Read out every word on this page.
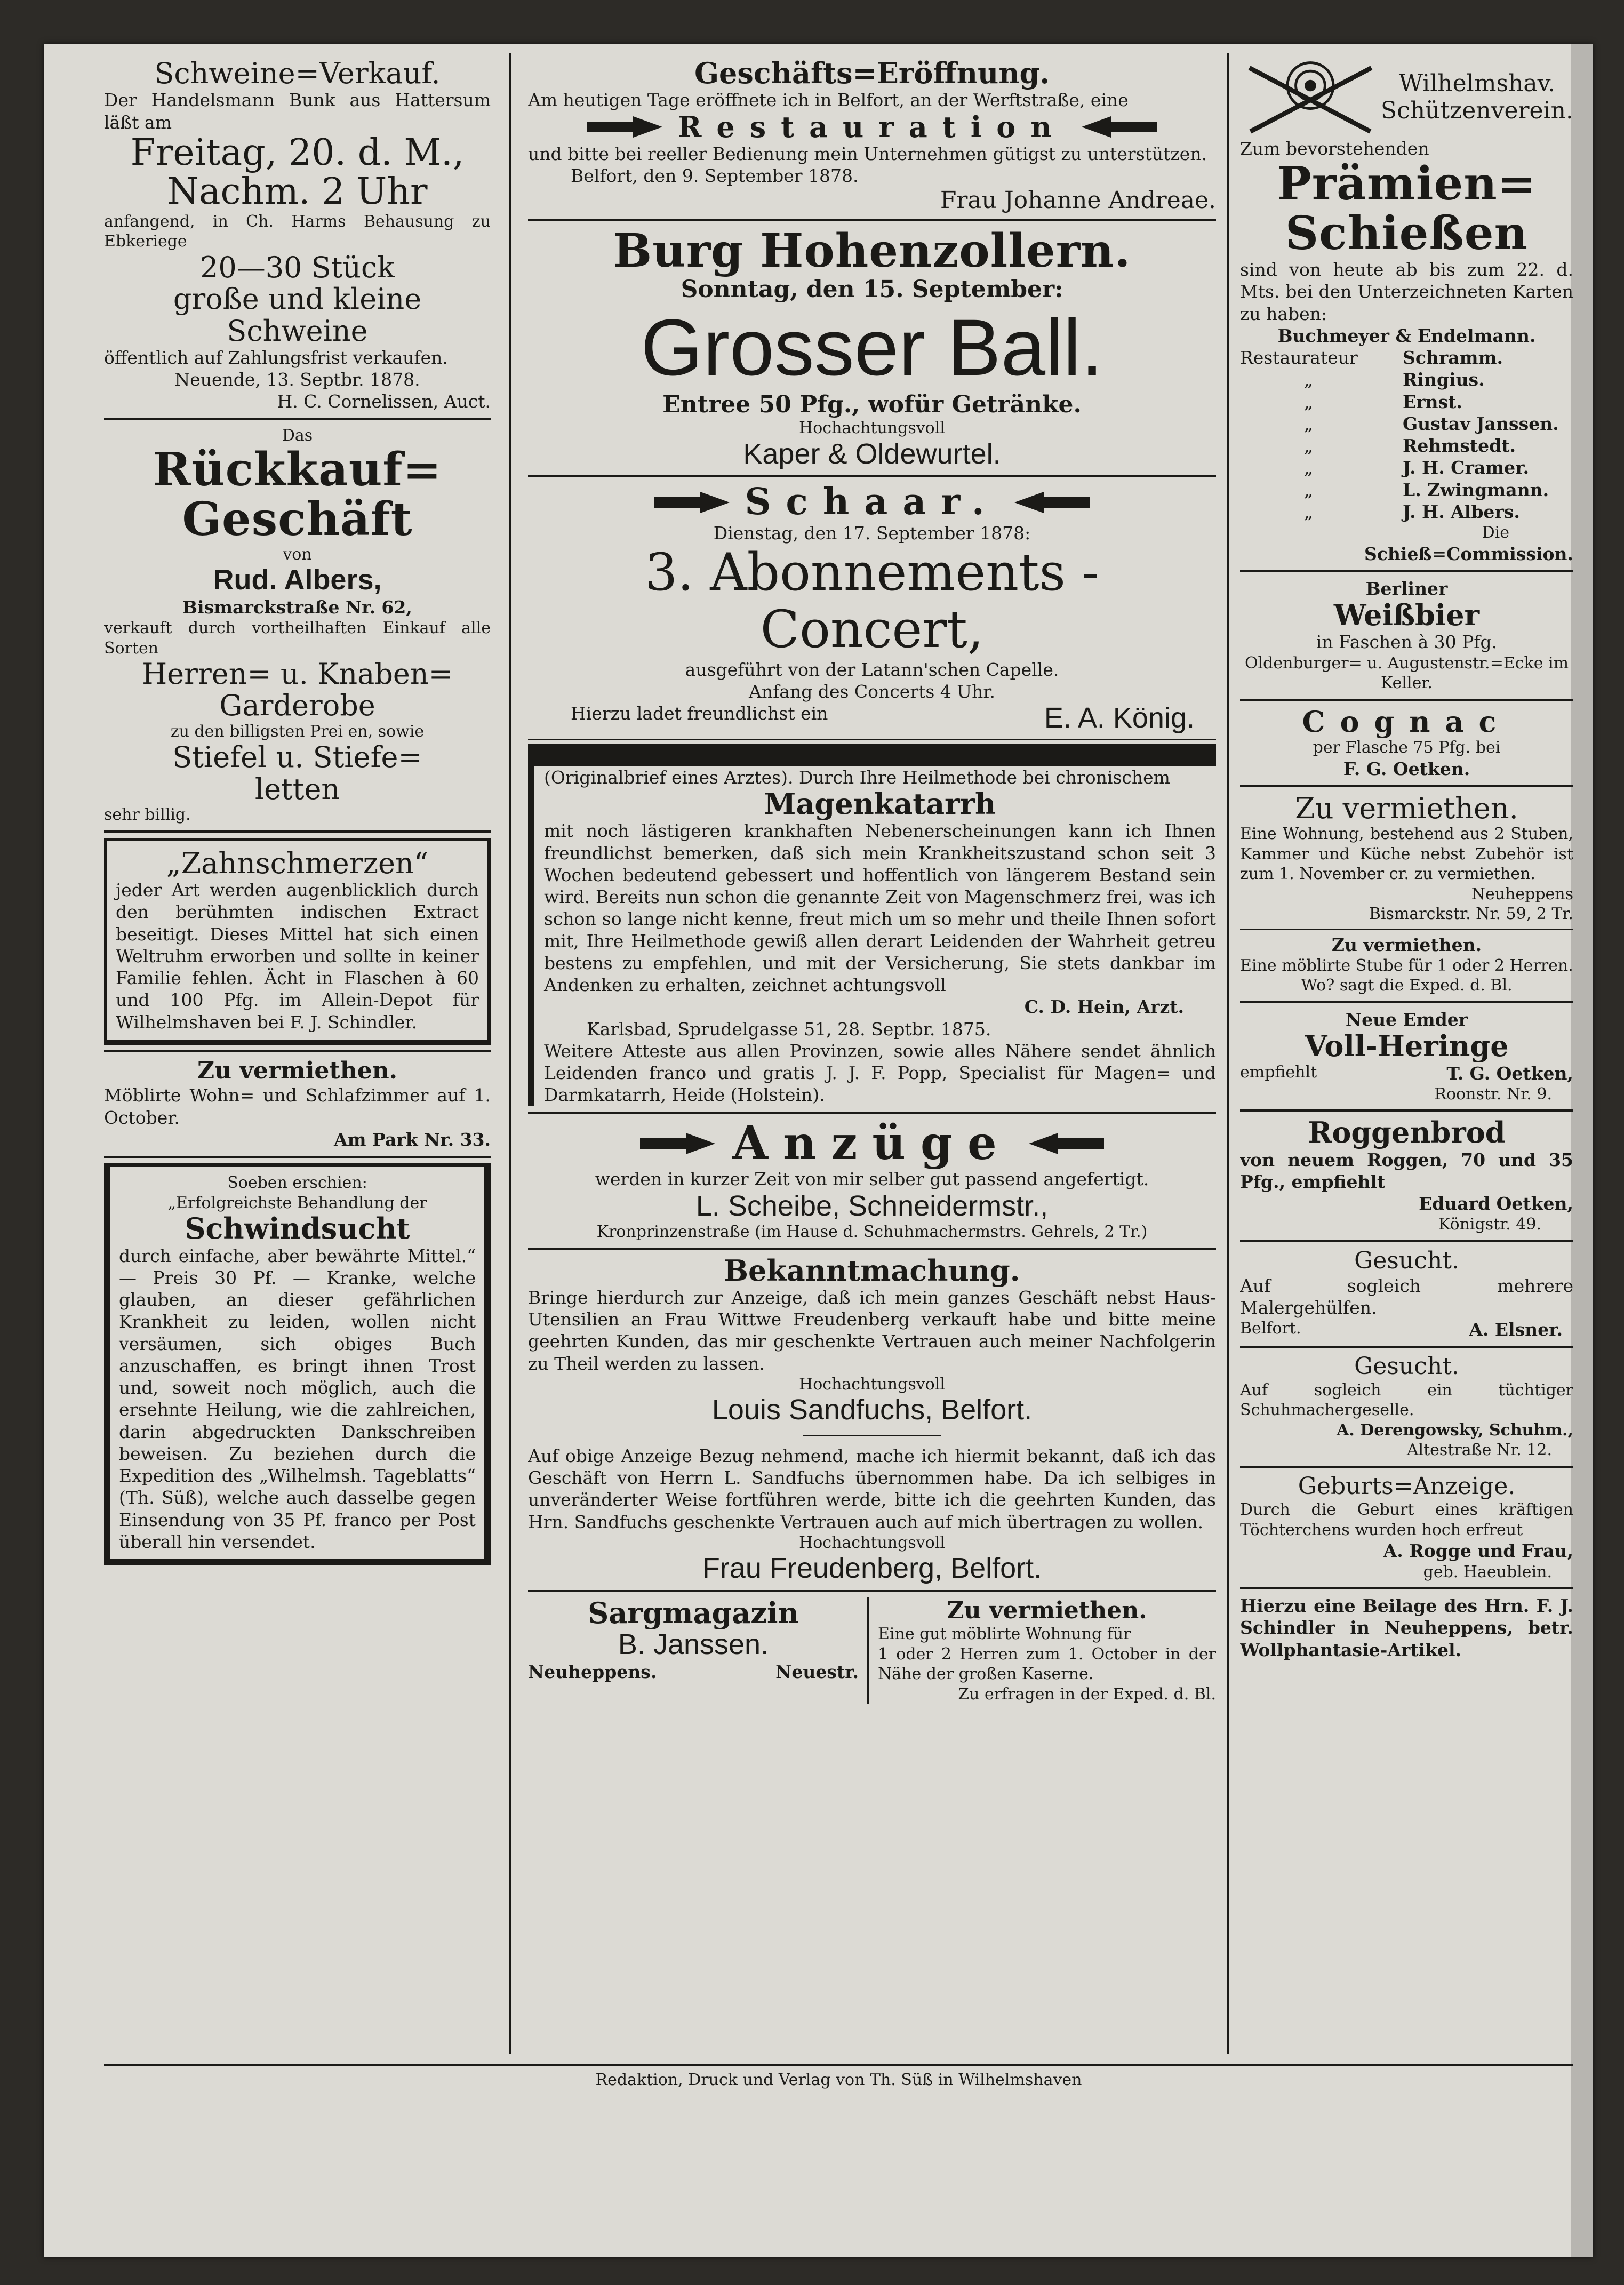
Schweine=Verkauf.
Der Handelsmann Bunk aus Hattersum läßt am
Freitag, 20. d. M.,
Nachm. 2 Uhr
anfangend, in Ch. Harms Behausung zu Ebkeriege
20—30 Stück
große und kleine
Schweine
öffentlich auf Zahlungsfrist verkaufen.
Neuende, 13. Septbr. 1878.
H. C. Cornelissen, Auct.
Das
Rückkauf=
Geschäft
von
Rud. Albers,
Bismarckstraße Nr. 62,
verkauft durch vortheilhaften Einkauf alle Sorten
Herren= u. Knaben=
Garderobe
zu den billigsten Prei en, sowie
Stiefel u. Stiefe=
letten
sehr billig.
„Zahnschmerzen“
jeder Art werden augenblicklich durch den berühmten indischen Extract beseitigt. Dieses Mittel hat sich einen Weltruhm erworben und sollte in keiner Familie fehlen. Ächt in Flaschen à 60 und 100 Pfg. im Allein-Depot für Wilhelmshaven bei F. J. Schindler.
Zu vermiethen.
Möblirte Wohn= und Schlafzimmer auf 1. October.
Am Park Nr. 33.
Soeben erschien:
„Erfolgreichste Behandlung der
Schwindsucht
durch einfache, aber bewährte Mittel.“ — Preis 30 Pf. — Kranke, welche glauben, an dieser gefährlichen Krankheit zu leiden, wollen nicht versäumen, sich obiges Buch anzuschaffen, es bringt ihnen Trost und, soweit noch möglich, auch die ersehnte Heilung, wie die zahlreichen, darin abgedruckten Dankschreiben beweisen. Zu beziehen durch die Expedition des „Wilhelmsh. Tageblatts“ (Th. Süß), welche auch dasselbe gegen Einsendung von 35 Pf. franco per Post überall hin versendet.
Geschäfts=Eröffnung.
Am heutigen Tage eröffnete ich in Belfort, an der Werftstraße, eine
Restauration
und bitte bei reeller Bedienung mein Unternehmen gütigst zu unterstützen.
Belfort, den 9. September 1878.
Frau Johanne Andreae.
Burg Hohenzollern.
Sonntag, den 15. September:
Grosser Ball.
Entree 50 Pfg., wofür Getränke.
Hochachtungsvoll
Kaper & Oldewurtel.
Schaar.
Dienstag, den 17. September 1878:
3. Abonnements - Concert,
ausgeführt von der Latann'schen Capelle.
Anfang des Concerts 4 Uhr.
Hierzu ladet freundlichst ein	E. A. König.
(Originalbrief eines Arztes). Durch Ihre Heilmethode bei chronischem
Magenkatarrh
mit noch lästigeren krankhaften Nebenerscheinungen kann ich Ihnen freundlichst bemerken, daß sich mein Krankheitszustand schon seit 3 Wochen bedeutend gebessert und hoffentlich von längerem Bestand sein wird. Bereits nun schon die genannte Zeit von Magenschmerz frei, was ich schon so lange nicht kenne, freut mich um so mehr und theile Ihnen sofort mit, Ihre Heilmethode gewiß allen derart Leidenden der Wahrheit getreu bestens zu empfehlen, und mit der Versicherung, Sie stets dankbar im Andenken zu erhalten, zeichnet achtungsvoll
C. D. Hein, Arzt.
Karlsbad, Sprudelgasse 51, 28. Septbr. 1875.
Weitere Atteste aus allen Provinzen, sowie alles Nähere sendet ähnlich Leidenden franco und gratis J. J. F. Popp, Specialist für Magen= und Darmkatarrh, Heide (Holstein).
Anzüge
werden in kurzer Zeit von mir selber gut passend angefertigt.
L. Scheibe, Schneidermstr.,
Kronprinzenstraße (im Hause d. Schuhmachermstrs. Gehrels, 2 Tr.)
Bekanntmachung.
Bringe hierdurch zur Anzeige, daß ich mein ganzes Geschäft nebst Haus-Utensilien an Frau Wittwe Freudenberg verkauft habe und bitte meine geehrten Kunden, das mir geschenkte Vertrauen auch meiner Nachfolgerin zu Theil werden zu lassen.
Hochachtungsvoll
Louis Sandfuchs, Belfort.
Auf obige Anzeige Bezug nehmend, mache ich hiermit bekannt, daß ich das Geschäft von Herrn L. Sandfuchs übernommen habe. Da ich selbiges in unveränderter Weise fortführen werde, bitte ich die geehrten Kunden, das Hrn. Sandfuchs geschenkte Vertrauen auch auf mich übertragen zu wollen.
Hochachtungsvoll
Frau Freudenberg, Belfort.
Sargmagazin
B. Janssen.
Neuheppens.	Neuestr.
Zu vermiethen.
Eine gut möblirte Wohnung für
1 oder 2 Herren zum 1. October in der Nähe der großen Kaserne.
Zu erfragen in der Exped. d. Bl.
Wilhelmshav.
Schützenverein.
Zum bevorstehenden
Prämien=
Schießen
sind von heute ab bis zum 22. d. Mts. bei den Unterzeichneten Karten zu haben:
Buchmeyer & Endelmann.
Restaurateur	Schramm.
„	Ringius.
„	Ernst.
„	Gustav Janssen.
„	Rehmstedt.
„	J. H. Cramer.
„	L. Zwingmann.
„	J. H. Albers.
Die
Schieß=Commission.
Berliner
Weißbier
in Faschen à 30 Pfg.
Oldenburger= u. Augustenstr.=Ecke im Keller.
Cognac
per Flasche 75 Pfg. bei
F. G. Oetken.
Zu vermiethen.
Eine Wohnung, bestehend aus 2 Stuben, Kammer und Küche nebst Zubehör ist zum 1. November cr. zu vermiethen.
Neuheppens
Bismarckstr. Nr. 59, 2 Tr.
Zu vermiethen.
Eine möblirte Stube für 1 oder 2 Herren.
Wo? sagt die Exped. d. Bl.
Neue Emder
Voll-Heringe
empfiehlt	T. G. Oetken,
Roonstr. Nr. 9.
Roggenbrod
von neuem Roggen, 70 und 35 Pfg., empfiehlt
Eduard Oetken,
Königstr. 49.
Gesucht.
Auf sogleich mehrere Malergehülfen.
Belfort.	A. Elsner.
Gesucht.
Auf sogleich ein tüchtiger Schuhmachergeselle.
A. Derengowsky, Schuhm.,
Altestraße Nr. 12.
Geburts=Anzeige.
Durch die Geburt eines kräftigen Töchterchens wurden hoch erfreut
A. Rogge und Frau,
geb. Haeublein.
Hierzu eine Beilage des Hrn. F. J. Schindler in Neuheppens, betr. Wollphantasie-Artikel.
Redaktion, Druck und Verlag von Th. Süß in Wilhelmshaven
